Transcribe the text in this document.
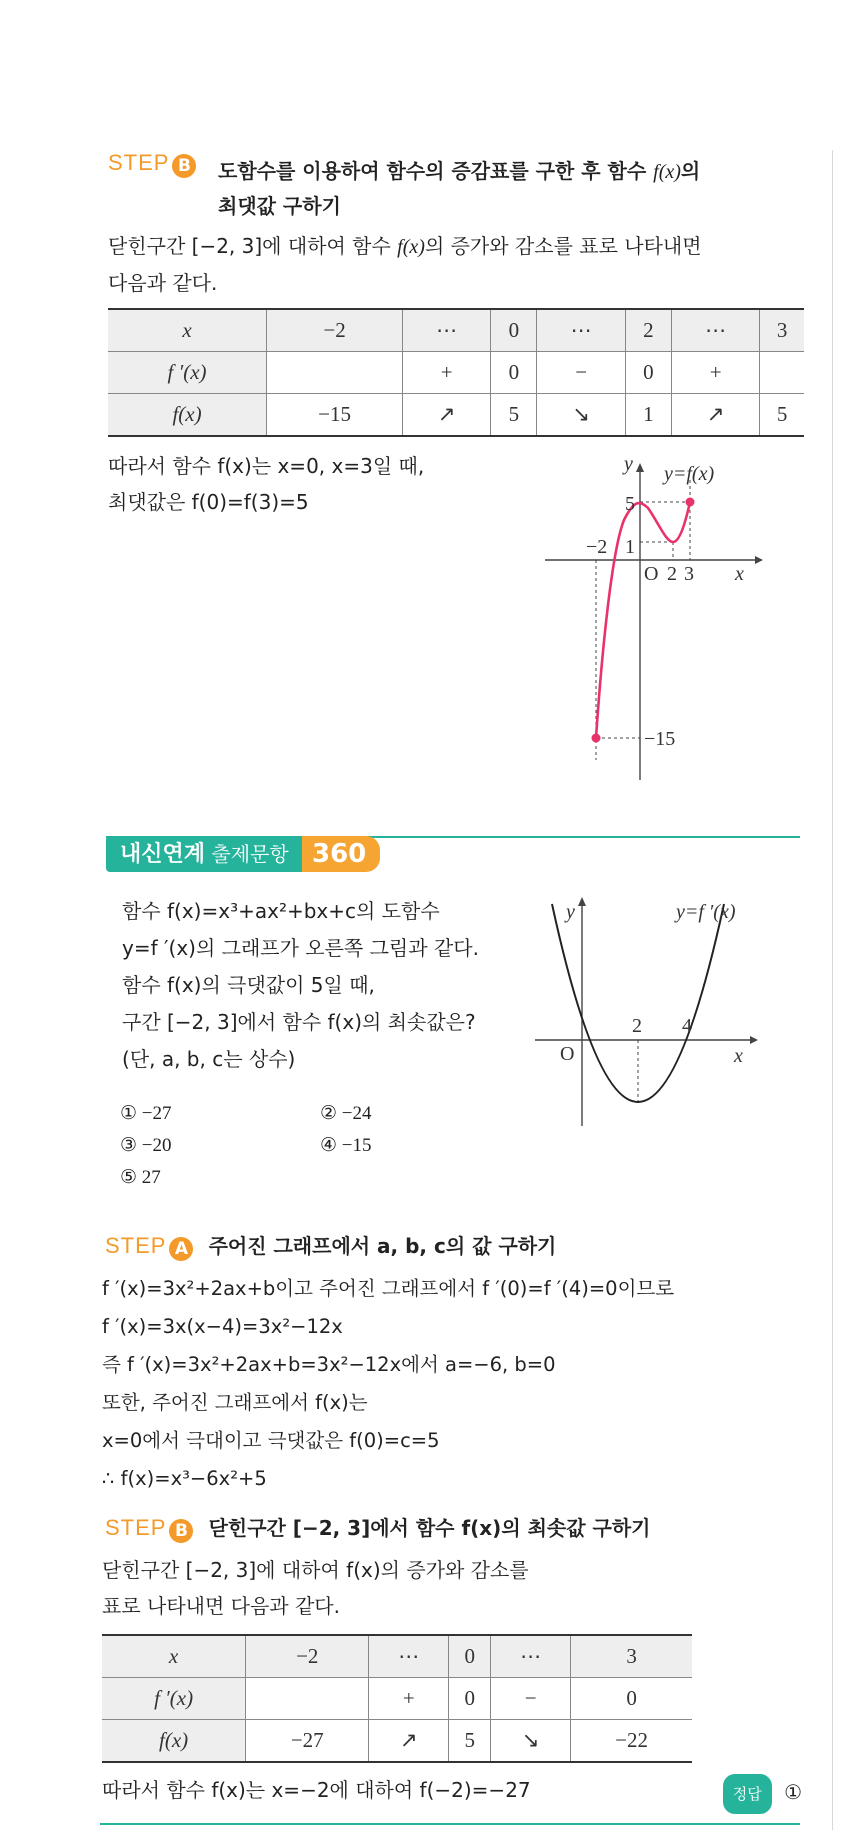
STEP B 도함수를 이용하여 함수의 증감표를 구한 후 함수 f(x)의
최댓값 구하기
닫힌구간 [−2, 3]에 대하여 함수 f(x)의 증가와 감소를 표로 나타내면
다음과 같다.
x	−2	⋯	0	⋯	2	⋯	3
f ′(x)		+	0	−	0	+	
f(x)	−15	↗	5	↘	1	↗	5
따라서 함수 f(x)는 x=0, x=3일 때,
최댓값은 f(0)=f(3)=5
y y=f(x)
5
1
−2
O 2 3 x
−15
내신연계 출제문항 360
함수 f(x)=x³+ax²+bx+c의 도함수
y=f ′(x)의 그래프가 오른쪽 그림과 같다.
함수 f(x)의 극댓값이 5일 때,
구간 [−2, 3]에서 함수 f(x)의 최솟값은?
(단, a, b, c는 상수)
① −27	② −24
③ −20	④ −15
⑤ 27
y	y=f ′(x)
2 4
O	x
STEP A 주어진 그래프에서 a, b, c의 값 구하기
f ′(x)=3x²+2ax+b이고 주어진 그래프에서 f ′(0)=f ′(4)=0이므로
f ′(x)=3x(x−4)=3x²−12x
즉 f ′(x)=3x²+2ax+b=3x²−12x에서 a=−6, b=0
또한, 주어진 그래프에서 f(x)는
x=0에서 극대이고 극댓값은 f(0)=c=5
∴ f(x)=x³−6x²+5
STEP B 닫힌구간 [−2, 3]에서 함수 f(x)의 최솟값 구하기
닫힌구간 [−2, 3]에 대하여 f(x)의 증가와 감소를
표로 나타내면 다음과 같다.
x	−2	⋯	0	⋯	3
f ′(x)		+	0	−	0
f(x)	−27	↗	5	↘	−22
따라서 함수 f(x)는 x=−2에 대하여 f(−2)=−27	정답 ①
